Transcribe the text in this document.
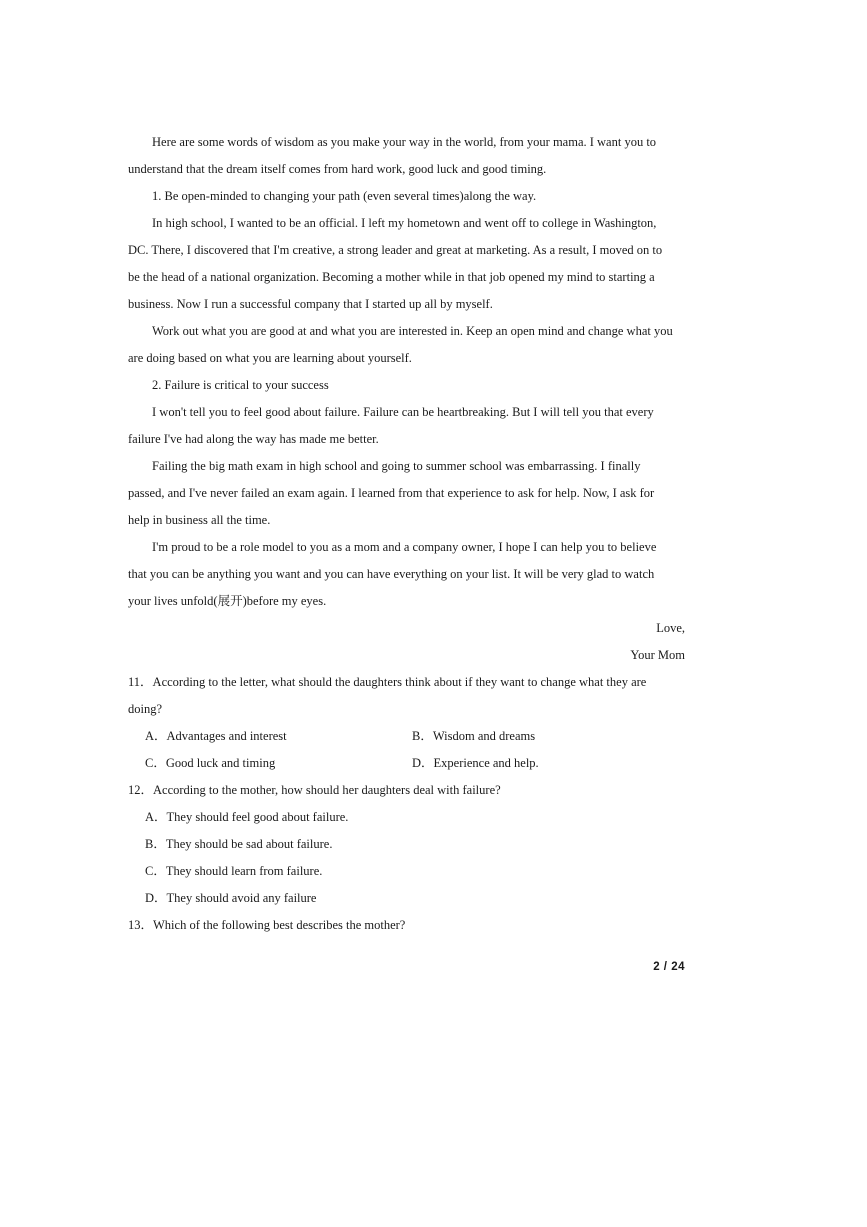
Here are some words of wisdom as you make your way in the world, from your mama. I want you to
understand that the dream itself comes from hard work, good luck and good timing.
1. Be open-minded to changing your path (even several times)along the way.
In high school, I wanted to be an official. I left my hometown and went off to college in Washington,
DC. There, I discovered that I'm creative, a strong leader and great at marketing. As a result, I moved on to
be the head of a national organization. Becoming a mother while in that job opened my mind to starting a
business. Now I run a successful company that I started up all by myself.
Work out what you are good at and what you are interested in. Keep an open mind and change what you
are doing based on what you are learning about yourself.
2. Failure is critical to your success
I won't tell you to feel good about failure. Failure can be heartbreaking. But I will tell you that every
failure I've had along the way has made me better.
Failing the big math exam in high school and going to summer school was embarrassing. I finally
passed, and I've never failed an exam again. I learned from that experience to ask for help. Now, I ask for
help in business all the time.
I'm proud to be a role model to you as a mom and a company owner, I hope I can help you to believe
that you can be anything you want and you can have everything on your list. It will be very glad to watch
your lives unfold(展开)before my eyes.
Love,
Your Mom
11．According to the letter, what should the daughters think about if they want to change what they are
doing?
A．Advantages and interest	B．Wisdom and dreams
C．Good luck and timing	D．Experience and help.
12．According to the mother, how should her daughters deal with failure?
A．They should feel good about failure.
B．They should be sad about failure.
C．They should learn from failure.
D．They should avoid any failure
13．Which of the following best describes the mother?
2 / 24
